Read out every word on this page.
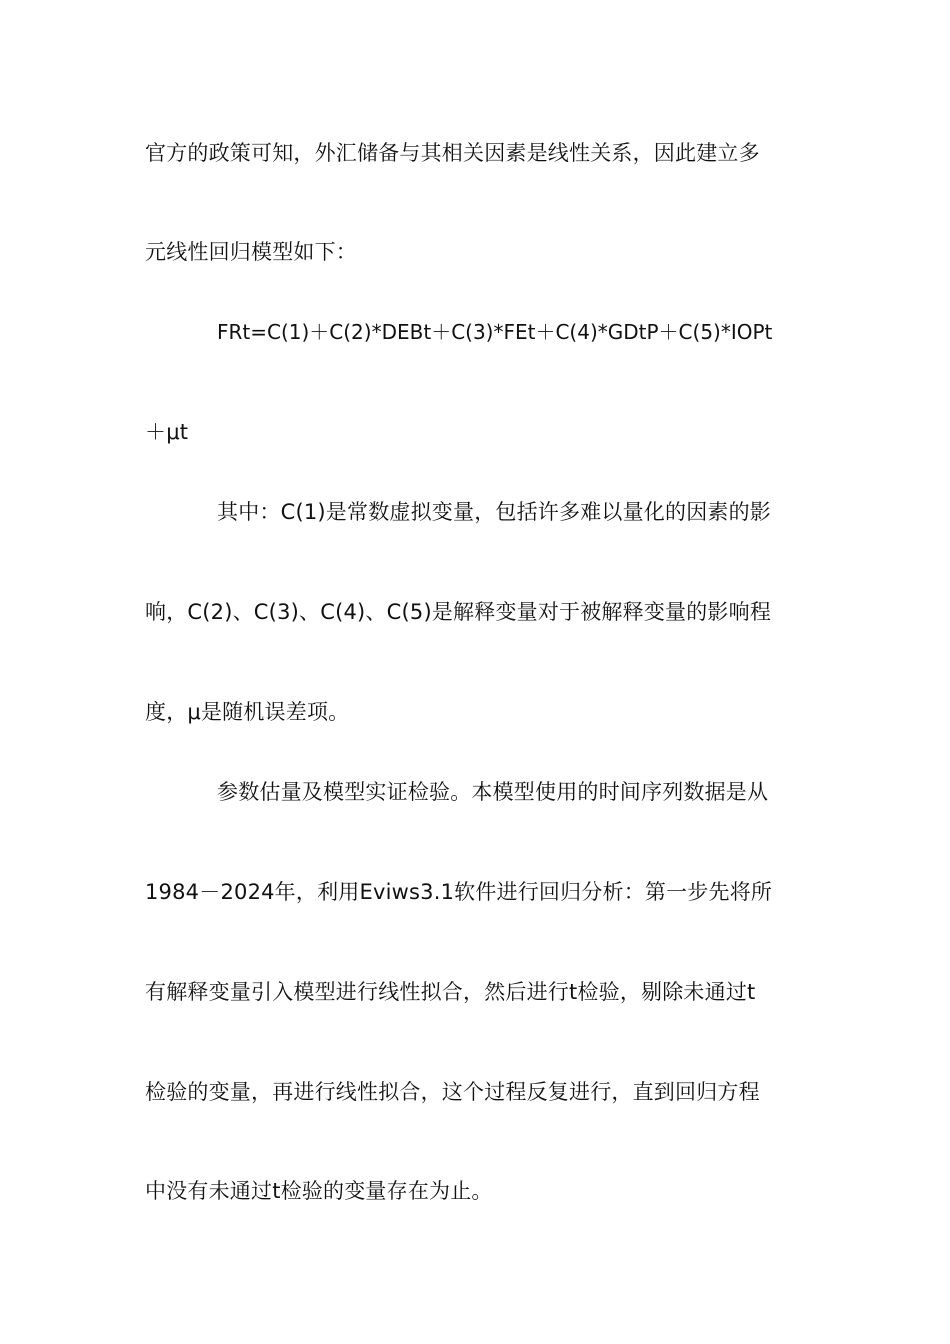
官方的政策可知，外汇储备与其相关因素是线性关系，因此建立多
元线性回归模型如下：
FRt=C(1)＋C(2)*DEBt＋C(3)*FEt＋C(4)*GDtP＋C(5)*IOPt
＋μt
其中：C(1)是常数虚拟变量，包括许多难以量化的因素的影
响，C(2)、C(3)、C(4)、C(5)是解释变量对于被解释变量的影响程
度，μ是随机误差项。
参数估量及模型实证检验。本模型使用的时间序列数据是从
1984－2024年，利用Eviws3.1软件进行回归分析：第一步先将所
有解释变量引入模型进行线性拟合，然后进行t检验，剔除未通过t
检验的变量，再进行线性拟合，这个过程反复进行，直到回归方程
中没有未通过t检验的变量存在为止。
